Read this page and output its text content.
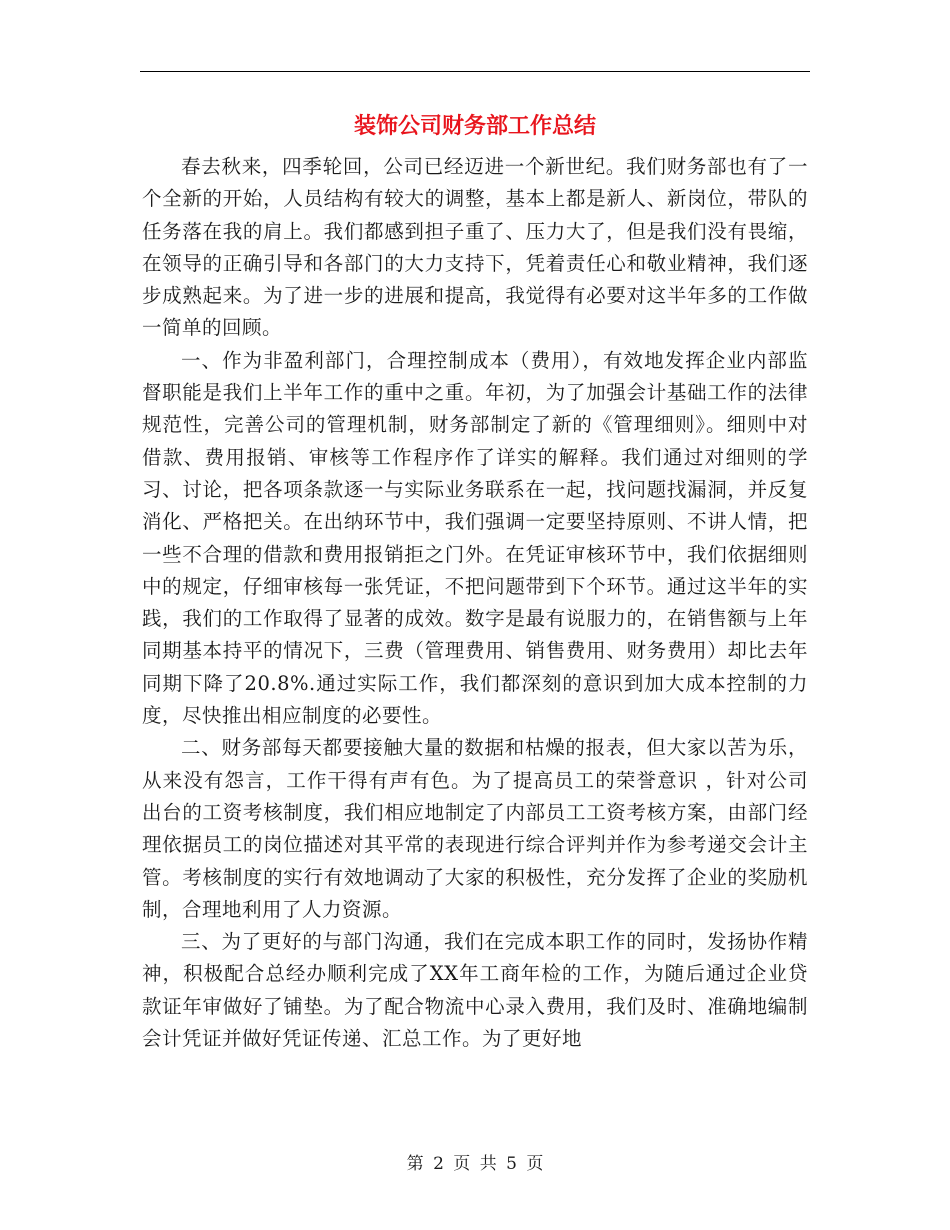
装饰公司财务部工作总结

春去秋来，四季轮回，公司已经迈进一个新世纪。我们财务部也有了一个全新的开始，人员结构有较大的调整，基本上都是新人、新岗位，带队的任务落在我的肩上。我们都感到担子重了、压力大了，但是我们没有畏缩，在领导的正确引导和各部门的大力支持下，凭着责任心和敬业精神，我们逐步成熟起来。为了进一步的进展和提高，我觉得有必要对这半年多的工作做一简单的回顾。

一、作为非盈利部门，合理控制成本（费用），有效地发挥企业内部监督职能是我们上半年工作的重中之重。年初，为了加强会计基础工作的法律规范性，完善公司的管理机制，财务部制定了新的《管理细则》。细则中对借款、费用报销、审核等工作程序作了详实的解释。我们通过对细则的学习、讨论，把各项条款逐一与实际业务联系在一起，找问题找漏洞，并反复消化、严格把关。在出纳环节中，我们强调一定要坚持原则、不讲人情，把一些不合理的借款和费用报销拒之门外。在凭证审核环节中，我们依据细则中的规定，仔细审核每一张凭证，不把问题带到下个环节。通过这半年的实践，我们的工作取得了显著的成效。数字是最有说服力的，在销售额与上年同期基本持平的情况下，三费（管理费用、销售费用、财务费用）却比去年同期下降了20.8%.通过实际工作，我们都深刻的意识到加大成本控制的力度，尽快推出相应制度的必要性。

二、财务部每天都要接触大量的数据和枯燥的报表，但大家以苦为乐，从来没有怨言，工作干得有声有色。为了提高员工的荣誉意识 ，针对公司出台的工资考核制度，我们相应地制定了内部员工工资考核方案，由部门经理依据员工的岗位描述对其平常的表现进行综合评判并作为参考递交会计主管。考核制度的实行有效地调动了大家的积极性，充分发挥了企业的奖励机制，合理地利用了人力资源。

三、为了更好的与部门沟通，我们在完成本职工作的同时，发扬协作精神，积极配合总经办顺利完成了XX年工商年检的工作，为随后通过企业贷款证年审做好了铺垫。为了配合物流中心录入费用，我们及时、准确地编制会计凭证并做好凭证传递、汇总工作。为了更好地

第 2 页 共 5 页
